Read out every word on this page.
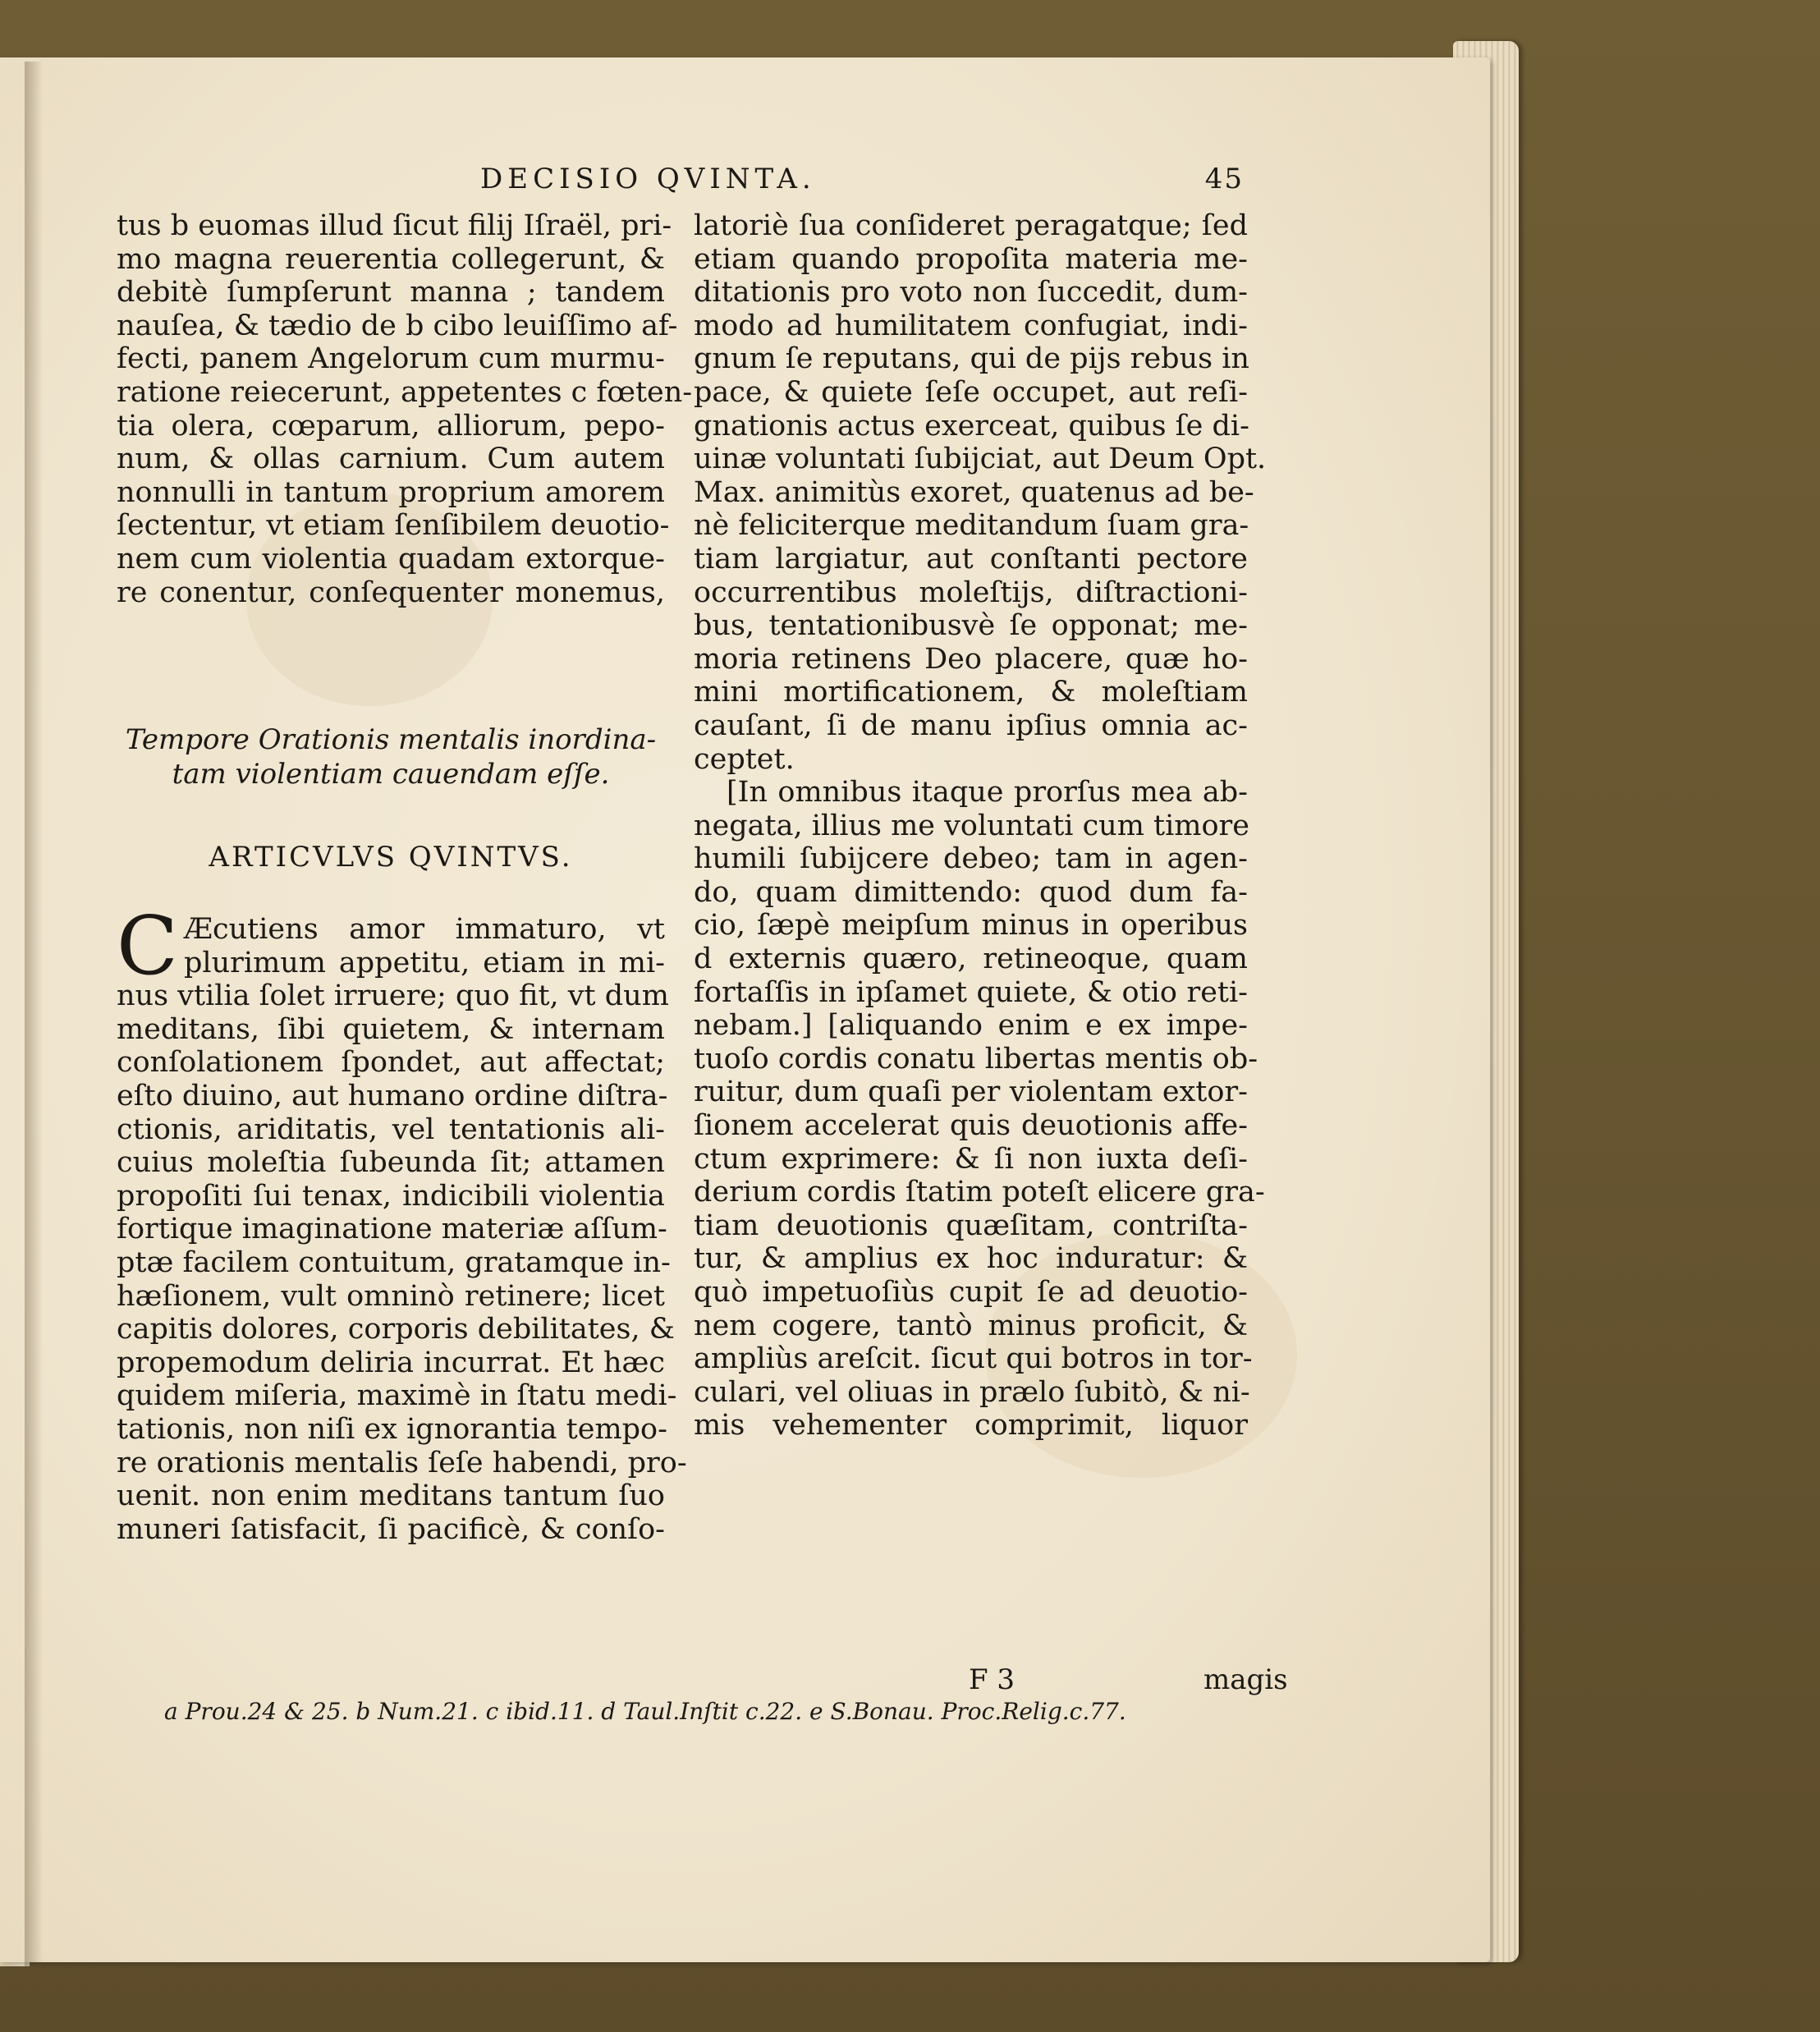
DECISIO QVINTA.	45
tus b euomas illud ſicut filij Iſraël, pri-
mo magna reuerentia collegerunt, &
debitè ſumpſerunt manna ; tandem
nauſea, & tædio de b cibo leuiſſimo af-
fecti, panem Angelorum cum murmu-
ratione reiecerunt, appetentes c fœten-
tia olera, cœparum, alliorum, pepo-
num, & ollas carnium. Cum autem
nonnulli in tantum proprium amorem
ſectentur, vt etiam ſenſibilem deuotio-
nem cum violentia quadam extorque-
re conentur, conſequenter monemus,
Tempore Orationis mentalis inordina-
tam violentiam cauendam eſſe.
ARTICVLVS QVINTVS.
C Æcutiens amor immaturo, vt
plurimum appetitu, etiam in mi-
nus vtilia ſolet irruere; quo fit, vt dum
meditans, ſibi quietem, & internam
conſolationem ſpondet, aut affectat;
eſto diuino, aut humano ordine diſtra-
ctionis, ariditatis, vel tentationis ali-
cuius moleſtia ſubeunda ſit; attamen
propoſiti ſui tenax, indicibili violentia
fortique imaginatione materiæ aſſum-
ptæ facilem contuitum, gratamque in-
hæſionem, vult omninò retinere; licet
capitis dolores, corporis debilitates, &
propemodum deliria incurrat. Et hæc
quidem miſeria, maximè in ſtatu medi-
tationis, non niſi ex ignorantia tempo-
re orationis mentalis ſeſe habendi, pro-
uenit. non enim meditans tantum ſuo
muneri ſatisfacit, ſi pacificè, & conſo-
latoriè ſua conſideret peragatque; ſed
etiam quando propoſita materia me-
ditationis pro voto non ſuccedit, dum-
modo ad humilitatem confugiat, indi-
gnum ſe reputans, qui de pijs rebus in
pace, & quiete ſeſe occupet, aut reſi-
gnationis actus exerceat, quibus ſe di-
uinæ voluntati ſubijciat, aut Deum Opt.
Max. animitùs exoret, quatenus ad be-
nè feliciterque meditandum ſuam gra-
tiam largiatur, aut conſtanti pectore
occurrentibus moleſtijs, diſtractioni-
bus, tentationibusvè ſe opponat; me-
moria retinens Deo placere, quæ ho-
mini mortificationem, & moleſtiam
cauſant, ſi de manu ipſius omnia ac-
ceptet.
[In omnibus itaque prorſus mea ab-
negata, illius me voluntati cum timore
humili ſubijcere debeo; tam in agen-
do, quam dimittendo: quod dum fa-
cio, ſæpè meipſum minus in operibus
d externis quæro, retineoque, quam
fortaſſis in ipſamet quiete, & otio reti-
nebam.] [aliquando enim e ex impe-
tuoſo cordis conatu libertas mentis ob-
ruitur, dum quaſi per violentam extor-
ſionem accelerat quis deuotionis affe-
ctum exprimere: & ſi non iuxta deſi-
derium cordis ſtatim poteſt elicere gra-
tiam deuotionis quæſitam, contriſta-
tur, & amplius ex hoc induratur: &
quò impetuoſiùs cupit ſe ad deuotio-
nem cogere, tantò minus proficit, &
ampliùs areſcit. ſicut qui botros in tor-
culari, vel oliuas in prælo ſubitò, & ni-
mis vehementer comprimit, liquor
F 3	magis
a Prou.24 & 25. b Num.21. c ibid.11. d Taul.Inſtit c.22. e S.Bonau. Proc.Relig.c.77.
